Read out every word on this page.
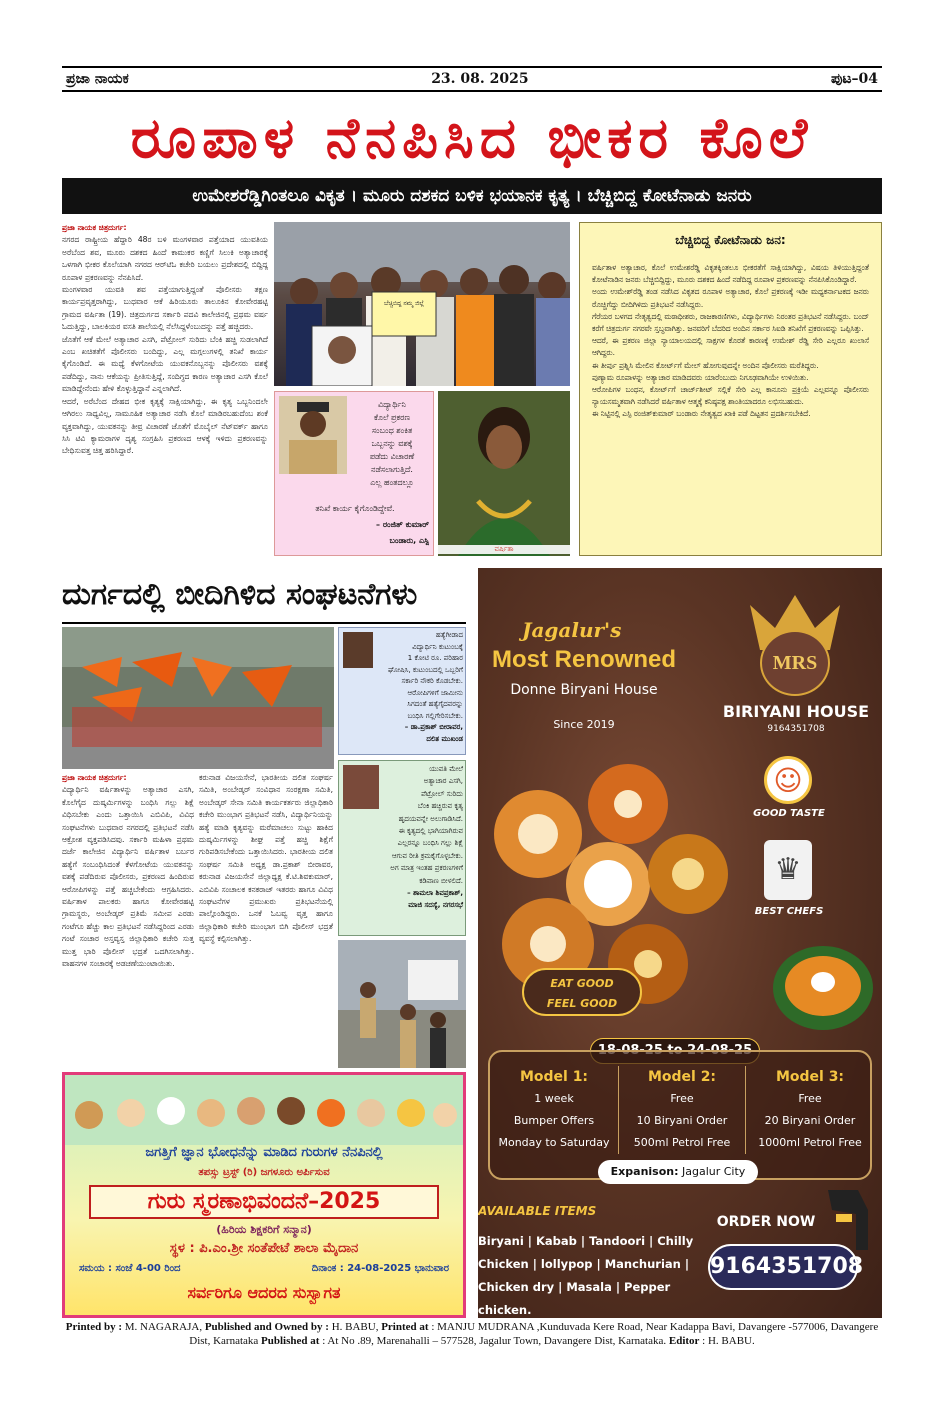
ಪ್ರಜಾ ನಾಯಕ	23. 08. 2025	ಪುಟ–04
ರೂಪಾಳ ನೆನಪಿಸಿದ ಭೀಕರ ಕೊಲೆ
ಉಮೇಶರೆಡ್ಡಿಗಿಂತಲೂ ವಿಕೃತ । ಮೂರು ದಶಕದ ಬಳಿಕ ಭಯಾನಕ ಕೃತ್ಯ । ಬೆಚ್ಚಿಬಿದ್ದ ಕೋಟೆನಾಡು ಜನರು

ಪ್ರಜಾ ನಾಯಕ ಚಿತ್ರದುರ್ಗ:

ನಗರದ ರಾಷ್ಟ್ರೀಯ ಹೆದ್ದಾರಿ 48ರ ಬಳಿ ಮಂಗಳವಾರ ಪತ್ತೆಯಾದ ಯುವತಿಯ ಅರೆಬೆಂದ ಶವ, ಮೂರು ದಶಕದ ಹಿಂದೆ ಕಾಮುಕರ ಕಣ್ಣಿಗೆ ಸಿಲುಕಿ ಅತ್ಯಾಚಾರಕ್ಕೆ ಒಳಗಾಗಿ ಭೀಕರ ಕೊಲೆಯಾಗಿ ನಗರದ ಆರ್‌ಟಿಓ ಕಚೇರಿ ಬಯಲು ಪ್ರದೇಶದಲ್ಲಿ ಬಿದ್ದಿದ್ದ ರೂಪಾಳ ಪ್ರಕರಣವನ್ನು ನೆನಪಿಸಿದೆ.

ಮಂಗಳವಾರ ಯುವತಿ ಶವ ಪತ್ತೆಯಾಗುತ್ತಿದ್ದಂತೆ ಪೊಲೀಸರು ತಕ್ಷಣ ಕಾರ್ಯಪ್ರವೃತ್ತರಾಗಿದ್ದು, ಬುಧವಾರ ಆಕೆ ಹಿರಿಯೂರು ತಾಲೂಕಿನ ಕೋವೇರಹಟ್ಟಿ ಗ್ರಾಮದ ವರ್ಷಿತಾ (19). ಚಿತ್ರದುರ್ಗದ ಸರ್ಕಾರಿ ಪದವಿ ಕಾಲೇಜಿನಲ್ಲಿ ಪ್ರಥಮ ವರ್ಷ ಓದುತ್ತಿದ್ದು, ಬಾಲಕಿಯರ ವಸತಿ ಶಾಲೆಯಲ್ಲಿ ನೆಲೆಸಿದ್ದಳೆಂಬುದನ್ನು ಪತ್ತೆ ಹಚ್ಚಿದರು.

ಜೊತೆಗೆ ಆಕೆ ಮೇಲೆ ಅತ್ಯಾಚಾರ ಎಸಗಿ, ಪೆಟ್ರೋಲ್ ಸುರಿದು ಬೆಂಕಿ ಹಚ್ಚಿ ಸುಡಲಾಗಿದೆ ಎಂಬ ಖಚಿತತೆಗೆ ಪೊಲೀಸರು ಬಂದಿದ್ದು, ಎಲ್ಲ ಮಗ್ಗಲುಗಳಲ್ಲಿ ತನಿಖೆ ಕಾರ್ಯ ಕೈಗೊಂಡಿದೆ. ಈ ಮಧ್ಯೆ ಕೆಳಗೋಟೆಯ ಯುವಕನೊಬ್ಬನನ್ನು ಪೊಲೀಸರು ವಶಕ್ಕೆ ಪಡೆದಿದ್ದು, ನಾನು ಆಕೆಯನ್ನು ಪ್ರೀತಿಸುತ್ತಿದ್ದೆ, ಸಂದಿಗ್ಧದ ಕಾರಣ ಅತ್ಯಾಚಾರ ಎಸಗಿ ಕೊಲೆ ಮಾಡಿದ್ದೇನೆಂದು ಹೇಳಿ ಕೊಳ್ಳುತ್ತಿದ್ದಾನೆ ಎನ್ನಲಾಗಿದೆ.

ಆದರೆ, ಅರೆಬೆಂದ ದೇಹದ ಭೀಕ ಕೃತ್ಯಕ್ಕೆ ಸಾಕ್ಷಿಯಾಗಿದ್ದು, ಈ ಕೃತ್ಯ ಒಬ್ಬನಿಂದಲೇ ಆಗಿರಲು ಸಾಧ್ಯವಿಲ್ಲ, ಸಾಮೂಹಿಕ ಅತ್ಯಾಚಾರ ನಡೆಸಿ ಕೊಲೆ ಮಾಡಿರಬಹುದೆಂಬ ಶಂಕೆ ವ್ಯಕ್ತವಾಗಿದ್ದು, ಯುವಕನನ್ನು ತೀವ್ರ ವಿಚಾರಣೆ ಜೊತೆಗೆ ಮೊಬೈಲ್ ನೆಟ್‌ವರ್ಕ್ ಹಾಗೂ ಸಿಸಿ ಟಿವಿ ಕ್ಯಾಮರಾಗಳ ದೃಶ್ಯ ಸಂಗ್ರಹಿಸಿ ಪ್ರಕರಣದ ಆಳಕ್ಕೆ ಇಳಿದು ಪ್ರಕರಣವನ್ನು ಬೇಧಿಸುವತ್ತ ಚಿತ್ತ ಹರಿಸಿದ್ದಾರೆ.

ಬೆಚ್ಚಿಬಿದ್ದ ನಮ್ಮ ಜಿಲ್ಲೆ
ವಿದ್ಯಾರ್ಥಿನಿ
ಕೊಲೆ ಪ್ರಕರಣ
ಸಂಬಂಧ ಶಂಕಿತ
ಒಬ್ಬನನ್ನು ವಶಕ್ಕೆ
ಪಡೆದು ವಿಚಾರಣೆ
ನಡೆಸಲಾಗುತ್ತಿದೆ.
ಎಲ್ಲ ಹಂತದಲ್ಲೂ
ತನಿಖೆ ಕಾರ್ಯ ಕೈಗೊಂಡಿದ್ದೇವೆ.
– ರಂಜಿತ್ ಕುಮಾರ್
ಬಂಡಾರು, ಎಸ್ಪಿ
ವರ್ಷಿತಾ
ಬೆಚ್ಚಿಬಿದ್ದ ಕೋಟೆನಾಡು ಜನ:

ವರ್ಷಿತಾಳ ಅತ್ಯಾಚಾರ, ಕೊಲೆ ಉಮೇಶರೆಡ್ಡಿ ವಿಕೃತಕ್ಕಿಂತಲೂ ಭೀಕರತೆಗೆ ಸಾಕ್ಷಿಯಾಗಿದ್ದು, ವಿಷಯ ತಿಳಿಯುತ್ತಿದ್ದಂತೆ ಕೋಟೆನಾಡಿನ ಜನರು ಬೆಚ್ಚಿಬಿದ್ದಿದ್ದು, ಮೂರು ದಶಕದ ಹಿಂದೆ ನಡೆದಿದ್ದ ರೂಪಾಳ ಪ್ರಕರಣವನ್ನು ನೆನಪಿಸಿಕೊಂಡಿದ್ದಾರೆ.

ಅಂದು ಉಮೇಶ್‌ರೆಡ್ಡಿ ತಂಡ ನಡೆಸಿದ ವಿಕೃತದ ರೂಪಾಳ ಅತ್ಯಾಚಾರ, ಕೊಲೆ ಪ್ರಕರಣಕ್ಕೆ ಇಡೀ ಮಧ್ಯಕರ್ನಾಟಕದ ಜನರು ರೊಚ್ಚಿಗೆದ್ದು ಬೀದಿಗಿಳಿದು ಪ್ರತಿಭಟನೆ ನಡೆಸಿದ್ದರು.

ಗೆರೆಯರ ಬಳಗದ ನೇತೃತ್ವದಲ್ಲಿ ಮಠಾಧೀಶರು, ರಾಜಕಾರಣಿಗಳು, ವಿದ್ಯಾರ್ಥಿಗಳು ನಿರಂತರ ಪ್ರತಿಭಟನೆ ನಡೆಸಿದ್ದರು. ಬಂದ್ ಕರೆಗೆ ಚಿತ್ರದುರ್ಗ ನಗರವೇ ಸ್ತಬ್ಧವಾಗಿತ್ತು. ಜನವರಿಗೆ ಬೆದರಿದ ಅಂದಿನ ಸರ್ಕಾರ ಸಿಐಡಿ ತನಿಖೆಗೆ ಪ್ರಕರಣವನ್ನು ಒಪ್ಪಿಸಿತ್ತು.

ಆದರೆ, ಈ ಪ್ರಕರಣ ಜಿಲ್ಲಾ ನ್ಯಾಯಾಲಯದಲ್ಲಿ ಸಾಕ್ಷಗಳ ಕೊರತೆ ಕಾರಣಕ್ಕೆ ಉಮೇಶ್ ರೆಡ್ಡಿ ಸೇರಿ ಎಲ್ಲರೂ ಖುಲಾಸೆ ಆಗಿದ್ದರು.

ಈ ತೀರ್ಪು ಪ್ರಶ್ನಿಸಿ ಮೇಲಿನ ಕೋರ್ಟ್‌ಗೆ ಮೇಲ್ ಹೋಗುವುದನ್ನೇ ಅಂದಿನ ಪೊಲೀಸರು ಮರೆತಿದ್ದರು.

ಪುಣ್ಯಾಮ ರೂಪಾಳನ್ನು ಅತ್ಯಾಚಾರ ಮಾಡಿದವರು ಯಾರೆಂಬುದು ನಿಗೂಢವಾಗಿಯೇ ಉಳಿಯಿತು.

ಆರೋಪಿಗಳ ಬಂಧನ, ಕೋರ್ಟ್‌ಗೆ ಚಾರ್ಜ್‌ಶೀಟ್ ಸಲ್ಲಿಕೆ ಸೇರಿ ಎಲ್ಲ ಕಾನೂನು ಪ್ರಕ್ರಿಯೆ ಎಲ್ಲವನ್ನೂ ಪೊಲೀಸರು ನ್ಯಾಯಸಮ್ಮತವಾಗಿ ನಡೆಸಿದರೆ ವರ್ಷಿತಾಳ ಆತ್ಮಕ್ಕೆ ಕನಿಷ್ಠಪಕ್ಷ ಶಾಂತಿಯಾದರೂ ಲಭಿಸಬಹುದು.

ಈ ನಿಟ್ಟಿನಲ್ಲಿ ಎಸ್ಪಿ ರಂಜಿತ್‌ಕುಮಾರ್ ಬಂಡಾರು ನೇತೃತ್ವದ ಖಾಕಿ ಪಡೆ ದಿಟ್ಟತನ ಪ್ರದರ್ಶಿಸಬೇಕಿದೆ.

ದುರ್ಗದಲ್ಲಿ ಬೀದಿಗಿಳಿದ ಸಂಘಟನೆಗಳು
ಹತ್ಯೆಗೀಡಾದ
ವಿದ್ಯಾರ್ಥಿನಿ ಕುಟುಂಬಕ್ಕೆ
1 ಕೋಟಿ ರೂ. ಪರಿಹಾರ
ಘೋಷಿಸಿ, ಕುಟುಂಬದಲ್ಲಿ ಒಬ್ಬರಿಗೆ
ಸರ್ಕಾರಿ ನೌಕರಿ ಕೊಡಬೇಕು.
ಆರೋಪಿಗಳಿಗೆ ಜಾಮೀನು
ಸಿಗದಂತೆ ಹತ್ಯೆಗೈದವರನ್ನು
ಬಂಧಿಸಿ ಗಲ್ಲಿಗೇರಿಸಬೇಕು.
– ಡಾ.ಪ್ರಕಾಶ್ ಬೀರಾವರ,
ದಲಿತ ಮುಖಂಡ

ಪ್ರಜಾ ನಾಯಕ ಚಿತ್ರದುರ್ಗ:

ವಿದ್ಯಾರ್ಥಿನಿ ವರ್ಷಿತಾಳನ್ನು ಅತ್ಯಾಚಾರ ಎಸಗಿ, ಕೊಲೆಗೈದ ದುಷ್ಕರ್ಮಿಗಳನ್ನು ಬಂಧಿಸಿ ಗಲ್ಲು ಶಿಕ್ಷೆ ವಿಧಿಸಬೇಕು ಎಂದು ಒತ್ತಾಯಿಸಿ ಎಬಿವಿಪಿ, ವಿವಿಧ ಸಂಘಟನೆಗಳು ಬುಧವಾರ ನಗರದಲ್ಲಿ ಪ್ರತಿಭಟನೆ ನಡೆಸಿ ಆಕ್ರೋಶ ವ್ಯಕ್ತಪಡಿಸಿದವು. ಸರ್ಕಾರಿ ಮಹಿಳಾ ಪ್ರಥಮ ದರ್ಜೆ ಕಾಲೇಜಿನ ವಿದ್ಯಾರ್ಥಿನಿ ವರ್ಷಿತಾಳ ಬರ್ಬರ ಹತ್ಯೆಗೆ ಸಂಬಂಧಿಸಿದಂತೆ ಕೆಳಗೋಟೆಯ ಯುವಕನನ್ನು ವಶಕ್ಕೆ ಪಡೆದಿರುವ ಪೊಲೀಸರು, ಪ್ರಕರಣದ ಹಿಂದಿರುವ ಆರೋಪಿಗಳನ್ನು ಪತ್ತೆ ಹಚ್ಚಬೇಕೆಂದು ಆಗ್ರಹಿಸಿದರು. ವರ್ಷಿತಾಳ ಪಾಲಕರು ಹಾಗೂ ಕೋವೇರಹಟ್ಟಿ ಗ್ರಾಮಸ್ಥರು, ಅಂಬೇಡ್ಕರ್ ಪ್ರತಿಮೆ ಸಮೀಪ ಎರಡು ಗಂಟೆಗೂ ಹೆಚ್ಚು ಕಾಲ ಪ್ರತಿಭಟನೆ ನಡೆಸಿದ್ದರಿಂದ ಎರಡು ಗಂಟೆ ಸಂಚಾರ ಅಸ್ತವ್ಯಸ್ತ ಜಿಲ್ಲಾಧಿಕಾರಿ ಕಚೇರಿ ಸುತ್ತ ಮುತ್ತ ಭಾರಿ ಪೊಲೀಸ್ ಭದ್ರತೆ ಒದಗಿಸಲಾಗಿತ್ತು. ವಾಹನಗಳ ಸಂಚಾರಕ್ಕೆ ಅಡಚಣೆಯುಂಟಾಯಿತು.

ಕರುನಾಡ ವಿಜಯಸೇನೆ, ಭಾರತೀಯ ದಲಿತ ಸಂಘರ್ಷ ಸಮಿತಿ, ಅಂಬೇಡ್ಕರ್ ಸಂವಿಧಾನ ಸಂರಕ್ಷಣಾ ಸಮಿತಿ, ಅಂಬೇಡ್ಕರ್ ಸೇನಾ ಸಮಿತಿ ಕಾರ್ಯಕರ್ತರು ಜಿಲ್ಲಾಧಿಕಾರಿ ಕಚೇರಿ ಮುಂಭಾಗ ಪ್ರತಿಭಟನೆ ನಡೆಸಿ, ವಿದ್ಯಾರ್ಥಿನಿಯನ್ನು ಹತ್ಯೆ ಮಾಡಿ ಕೃತ್ಯವನ್ನು ಮರೆಮಾಚಲು ಸುಟ್ಟು ಹಾಕಿದ ದುಷ್ಕರ್ಮಿಗಳನ್ನು ಶೀಘ್ರ ಪತ್ತೆ ಹಚ್ಚಿ ಶಿಕ್ಷೆಗೆ ಗುರಿಪಡಿಸಬೇಕೆಂದು ಒತ್ತಾಯಿಸಿದರು. ಭಾರತೀಯ ದಲಿತ ಸಂಘರ್ಷ ಸಮಿತಿ ಅಧ್ಯಕ್ಷ ಡಾ.ಪ್ರಕಾಶ್ ಬೀರಾವರ, ಕರುನಾಡ ವಿಜಯಸೇನೆ ಜಿಲ್ಲಾಧ್ಯಕ್ಷ ಕೆ.ಟಿ.ಶಿವಕುಮಾರ್, ಎಬಿವಿಪಿ ಸಂಚಾಲಕ ಕನಕರಾಜ್ ಇತರರು ಹಾಗೂ ವಿವಿಧ ಸಂಘಟನೆಗಳ ಪ್ರಮುಖರು ಪ್ರತಿಭಟನೆಯಲ್ಲಿ ಪಾಲ್ಗೊಂಡಿದ್ದರು. ಒನಕೆ ಓಬವ್ವ ವೃತ್ತ ಹಾಗೂ ಜಿಲ್ಲಾಧಿಕಾರಿ ಕಚೇರಿ ಮುಂಭಾಗ ಬಿಗಿ ಪೊಲೀಸ್ ಭದ್ರತೆ ವ್ಯವಸ್ಥೆ ಕಲ್ಪಿಸಲಾಗಿತ್ತು.

ಯುವತಿ ಮೇಲೆ
ಅತ್ಯಾಚಾರ ಎಸಗಿ,
ಪೆಟ್ರೋಲ್ ಸುರಿದು
ಬೆಂಕಿ ಹಚ್ಚಿರುವ ಕೃತ್ಯ
ಹೃದಯವನ್ನೇ ಅಲುಗಾಡಿಸಿದೆ.
ಈ ಕೃತ್ಯದಲ್ಲಿ ಭಾಗಿಯಾಗಿರುವ
ಎಲ್ಲರನ್ನೂ ಬಂಧಿಸಿ ಗಲ್ಲು ಶಿಕ್ಷೆ
ಆಗುವ ರೀತಿ ಕ್ರಮಕೈಗೊಳ್ಳಬೇಕು.
ಅಗ ಮಾತ್ರ ಇಂತಹ ಪ್ರಕರಣಗಳಿಗೆ
ಕಡಿವಾಣ ಬೀಳಲಿದೆ.
– ಶಾಮಲಾ ಶಿವಪ್ರಕಾಶ್,
ಮಾಜಿ ಸದಸ್ಯೆ, ನಗರಸಭೆ
ಜಗತ್ತಿಗೆ ಜ್ಞಾನ ಭೋಧನೆನ್ನು ಮಾಡಿದ ಗುರುಗಳ ನೆನಪಿನಲ್ಲಿ
ತಪಸ್ಸು ಟ್ರಸ್ಟ್ (ರಿ) ಜಗಳೂರು ಅರ್ಪಿಸುವ
ಗುರು ಸ್ಮರಣಾಭಿವಂದನೆ–2025
(ಹಿರಿಯ ಶಿಕ್ಷಕರಿಗೆ ಸನ್ಮಾನ)
ಸ್ಥಳ : ಪಿ.ಎಂ.ಶ್ರೀ ಸಂತೆಪೇಟೆ ಶಾಲಾ ಮೈದಾನ
ಸಮಯ : ಸಂಜೆ 4-00 ರಿಂದ	ದಿನಾಂಕ : 24-08-2025 ಭಾನುವಾರ
ಸರ್ವರಿಗೂ ಆದರದ ಸುಸ್ವಾಗತ
Jagalur's
Most Renowned
Donne Biryani House
Since 2019
MRS
BIRIYANI HOUSE
9164351708
☺
GOOD TASTE
♛
BEST CHEFS
EAT GOOD
FEEL GOOD
Model 1:
1 week
Bumper Offers
Monday to Saturday
Model 2:
Free
10 Biryani Order
500ml Petrol Free
Model 3:
Free
20 Biryani Order
1000ml Petrol Free
Expanison: Jagalur City
AVAILABLE ITEMS
Biryani | Kabab | Tandoori | Chilly
Chicken | lollypop | Manchurian |
Chicken dry | Masala | Pepper chicken.
ORDER NOW
9164351708
Printed by : M. NAGARAJA, Published and Owned by : H. BABU, Printed at : MANJU MUDRANA ,Kunduvada Kere Road, Near Kadappa Bavi, Davangere -577006, Davangere Dist, Karnataka Published at : At No .89, Marenahalli – 577528, Jagalur Town, Davangere Dist, Karnataka. Editor : H. BABU.
